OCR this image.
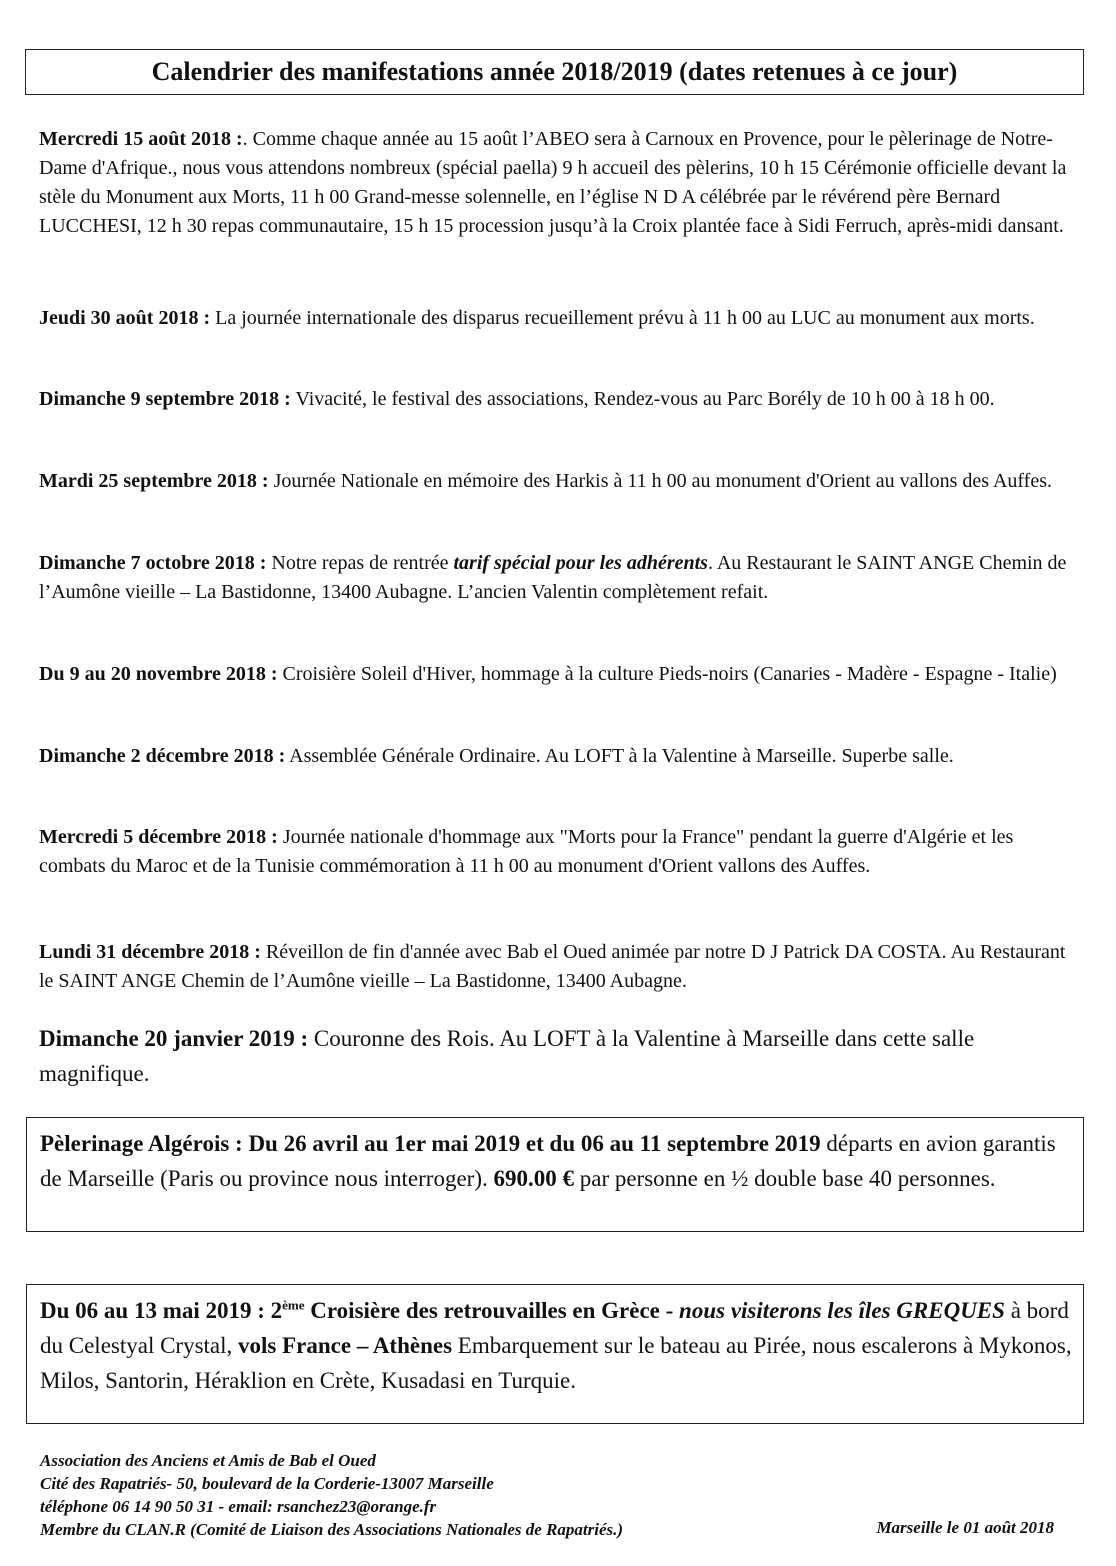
Calendrier des manifestations année 2018/2019 (dates retenues à ce jour)

Mercredi 15 août 2018 :. Comme chaque année au 15 août l’ABEO sera à Carnoux en Provence, pour le pèlerinage de Notre-Dame d'Afrique., nous vous attendons nombreux (spécial paella) 9 h accueil des pèlerins, 10 h 15 Cérémonie officielle devant la stèle du Monument aux Morts, 11 h 00 Grand-messe solennelle, en l’église N D A célébrée par le révérend père Bernard LUCCHESI, 12 h 30 repas communautaire, 15 h 15 procession jusqu’à la Croix plantée face à Sidi Ferruch, après-midi dansant.

Jeudi 30 août 2018 : La journée internationale des disparus recueillement prévu à 11 h 00 au LUC au monument aux morts.

Dimanche 9 septembre 2018 : Vivacité, le festival des associations, Rendez-vous au Parc Borély de 10 h 00 à 18 h 00.

Mardi 25 septembre 2018 : Journée Nationale en mémoire des Harkis à 11 h 00 au monument d'Orient au vallons des Auffes.

Dimanche 7 octobre 2018 : Notre repas de rentrée tarif spécial pour les adhérents. Au Restaurant le SAINT ANGE Chemin de l’Aumône vieille – La Bastidonne, 13400 Aubagne. L’ancien Valentin complètement refait.

Du 9 au 20 novembre 2018 : Croisière Soleil d'Hiver, hommage à la culture Pieds-noirs (Canaries - Madère - Espagne - Italie)

Dimanche 2 décembre 2018 : Assemblée Générale Ordinaire. Au LOFT à la Valentine à Marseille. Superbe salle.

Mercredi 5 décembre 2018 : Journée nationale d'hommage aux "Morts pour la France" pendant la guerre d'Algérie et les combats du Maroc et de la Tunisie commémoration à 11 h 00 au monument d'Orient vallons des Auffes.

Lundi 31 décembre 2018 : Réveillon de fin d'année avec Bab el Oued animée par notre D J Patrick DA COSTA. Au Restaurant le SAINT ANGE Chemin de l’Aumône vieille – La Bastidonne, 13400 Aubagne.

Dimanche 20 janvier 2019 : Couronne des Rois. Au LOFT à la Valentine à Marseille dans cette salle magnifique.

Pèlerinage Algérois : Du 26 avril au 1er mai 2019 et du 06 au 11 septembre 2019 départs en avion garantis de Marseille (Paris ou province nous interroger). 690.00 € par personne en ½ double base 40 personnes.
Du 06 au 13 mai 2019 : 2ème Croisière des retrouvailles en Grèce - nous visiterons les îles GREQUES à bord du Celestyal Crystal, vols France – Athènes Embarquement sur le bateau au Pirée, nous escalerons à Mykonos, Milos, Santorin, Héraklion en Crète, Kusadasi en Turquie.
Association des Anciens et Amis de Bab el Oued
Cité des Rapatriés- 50, boulevard de la Corderie-13007 Marseille
téléphone 06 14 90 50 31 - email: rsanchez23@orange.fr
Membre du CLAN.R (Comité de Liaison des Associations Nationales de Rapatriés.)	Marseille le 01 août 2018
